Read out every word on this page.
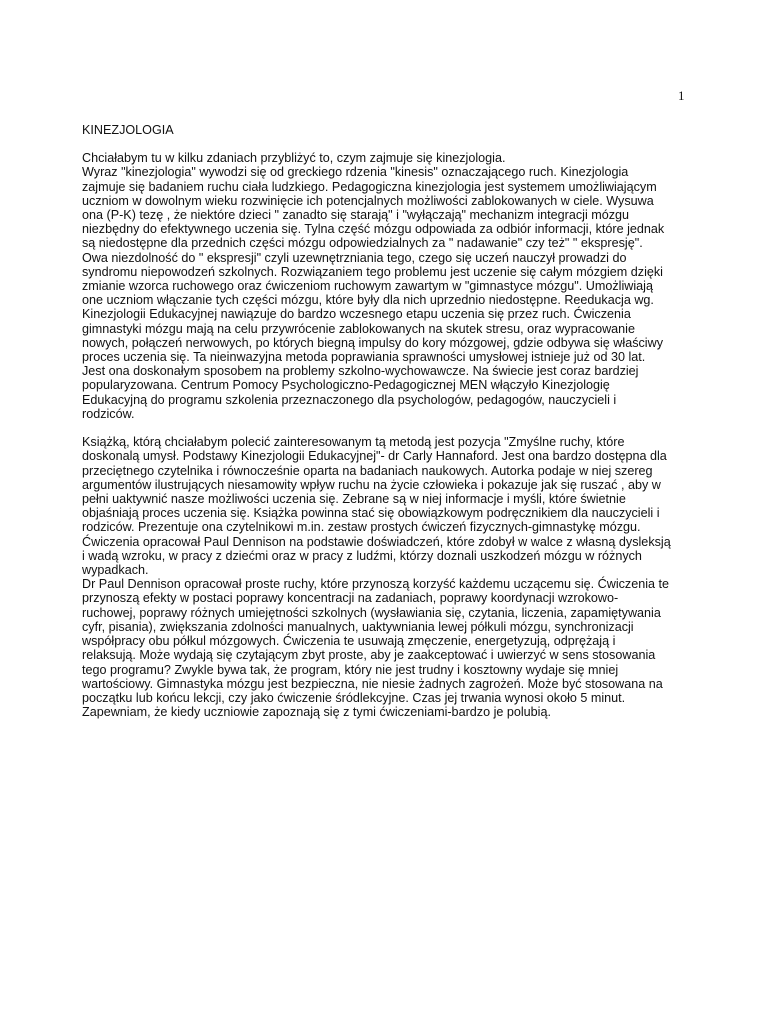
1
KINEZJOLOGIA
Chciałabym tu w kilku zdaniach przybliżyć to, czym zajmuje się kinezjologia.
Wyraz "kinezjologia" wywodzi się od greckiego rdzenia "kinesis" oznaczającego ruch. Kinezjologia
zajmuje się badaniem ruchu ciała ludzkiego. Pedagogiczna kinezjologia jest systemem umożliwiającym
uczniom w dowolnym wieku rozwinięcie ich potencjalnych możliwości zablokowanych w ciele. Wysuwa
ona (P-K) tezę , że niektóre dzieci " zanadto się starają" i "wyłączają" mechanizm integracji mózgu
niezbędny do efektywnego uczenia się. Tylna część mózgu odpowiada za odbiór informacji, które jednak
są niedostępne dla przednich części mózgu odpowiedzialnych za " nadawanie" czy też" " ekspresję".
Owa niezdolność do " ekspresji" czyli uzewnętrzniania tego, czego się uczeń nauczył prowadzi do
syndromu niepowodzeń szkolnych. Rozwiązaniem tego problemu jest uczenie się całym mózgiem dzięki
zmianie wzorca ruchowego oraz ćwiczeniom ruchowym zawartym w "gimnastyce mózgu". Umożliwiają
one uczniom włączanie tych części mózgu, które były dla nich uprzednio niedostępne. Reedukacja wg.
Kinezjologii Edukacyjnej nawiązuje do bardzo wczesnego etapu uczenia się przez ruch. Ćwiczenia
gimnastyki mózgu mają na celu przywrócenie zablokowanych na skutek stresu, oraz wypracowanie
nowych, połączeń nerwowych, po których biegną impulsy do kory mózgowej, gdzie odbywa się właściwy
proces uczenia się. Ta nieinwazyjna metoda poprawiania sprawności umysłowej istnieje już od 30 lat.
Jest ona doskonałym sposobem na problemy szkolno-wychowawcze. Na świecie jest coraz bardziej
popularyzowana. Centrum Pomocy Psychologiczno-Pedagogicznej MEN włączyło Kinezjologię
Edukacyjną do programu szkolenia przeznaczonego dla psychologów, pedagogów, nauczycieli i
rodziców.
Książką, którą chciałabym polecić zainteresowanym tą metodą jest pozycja "Zmyślne ruchy, które
doskonalą umysł. Podstawy Kinezjologii Edukacyjnej"- dr Carly Hannaford. Jest ona bardzo dostępna dla
przeciętnego czytelnika i równocześnie oparta na badaniach naukowych. Autorka podaje w niej szereg
argumentów ilustrujących niesamowity wpływ ruchu na życie człowieka i pokazuje jak się ruszać , aby w
pełni uaktywnić nasze możliwości uczenia się. Zebrane są w niej informacje i myśli, które świetnie
objaśniają proces uczenia się. Książka powinna stać się obowiązkowym podręcznikiem dla nauczycieli i
rodziców. Prezentuje ona czytelnikowi m.in. zestaw prostych ćwiczeń fizycznych-gimnastykę mózgu.
Ćwiczenia opracował Paul Dennison na podstawie doświadczeń, które zdobył w walce z własną dysleksją
i wadą wzroku, w pracy z dziećmi oraz w pracy z ludźmi, którzy doznali uszkodzeń mózgu w różnych
wypadkach.
Dr Paul Dennison opracował proste ruchy, które przynoszą korzyść każdemu uczącemu się. Ćwiczenia te
przynoszą efekty w postaci poprawy koncentracji na zadaniach, poprawy koordynacji wzrokowo-
ruchowej, poprawy różnych umiejętności szkolnych (wysławiania się, czytania, liczenia, zapamiętywania
cyfr, pisania), zwiększania zdolności manualnych, uaktywniania lewej półkuli mózgu, synchronizacji
współpracy obu półkul mózgowych. Ćwiczenia te usuwają zmęczenie, energetyzują, odprężają i
relaksują. Może wydają się czytającym zbyt proste, aby je zaakceptować i uwierzyć w sens stosowania
tego programu? Zwykle bywa tak, że program, który nie jest trudny i kosztowny wydaje się mniej
wartościowy. Gimnastyka mózgu jest bezpieczna, nie niesie żadnych zagrożeń. Może być stosowana na
początku lub końcu lekcji, czy jako ćwiczenie śródlekcyjne. Czas jej trwania wynosi około 5 minut.
Zapewniam, że kiedy uczniowie zapoznają się z tymi ćwiczeniami-bardzo je polubią.
